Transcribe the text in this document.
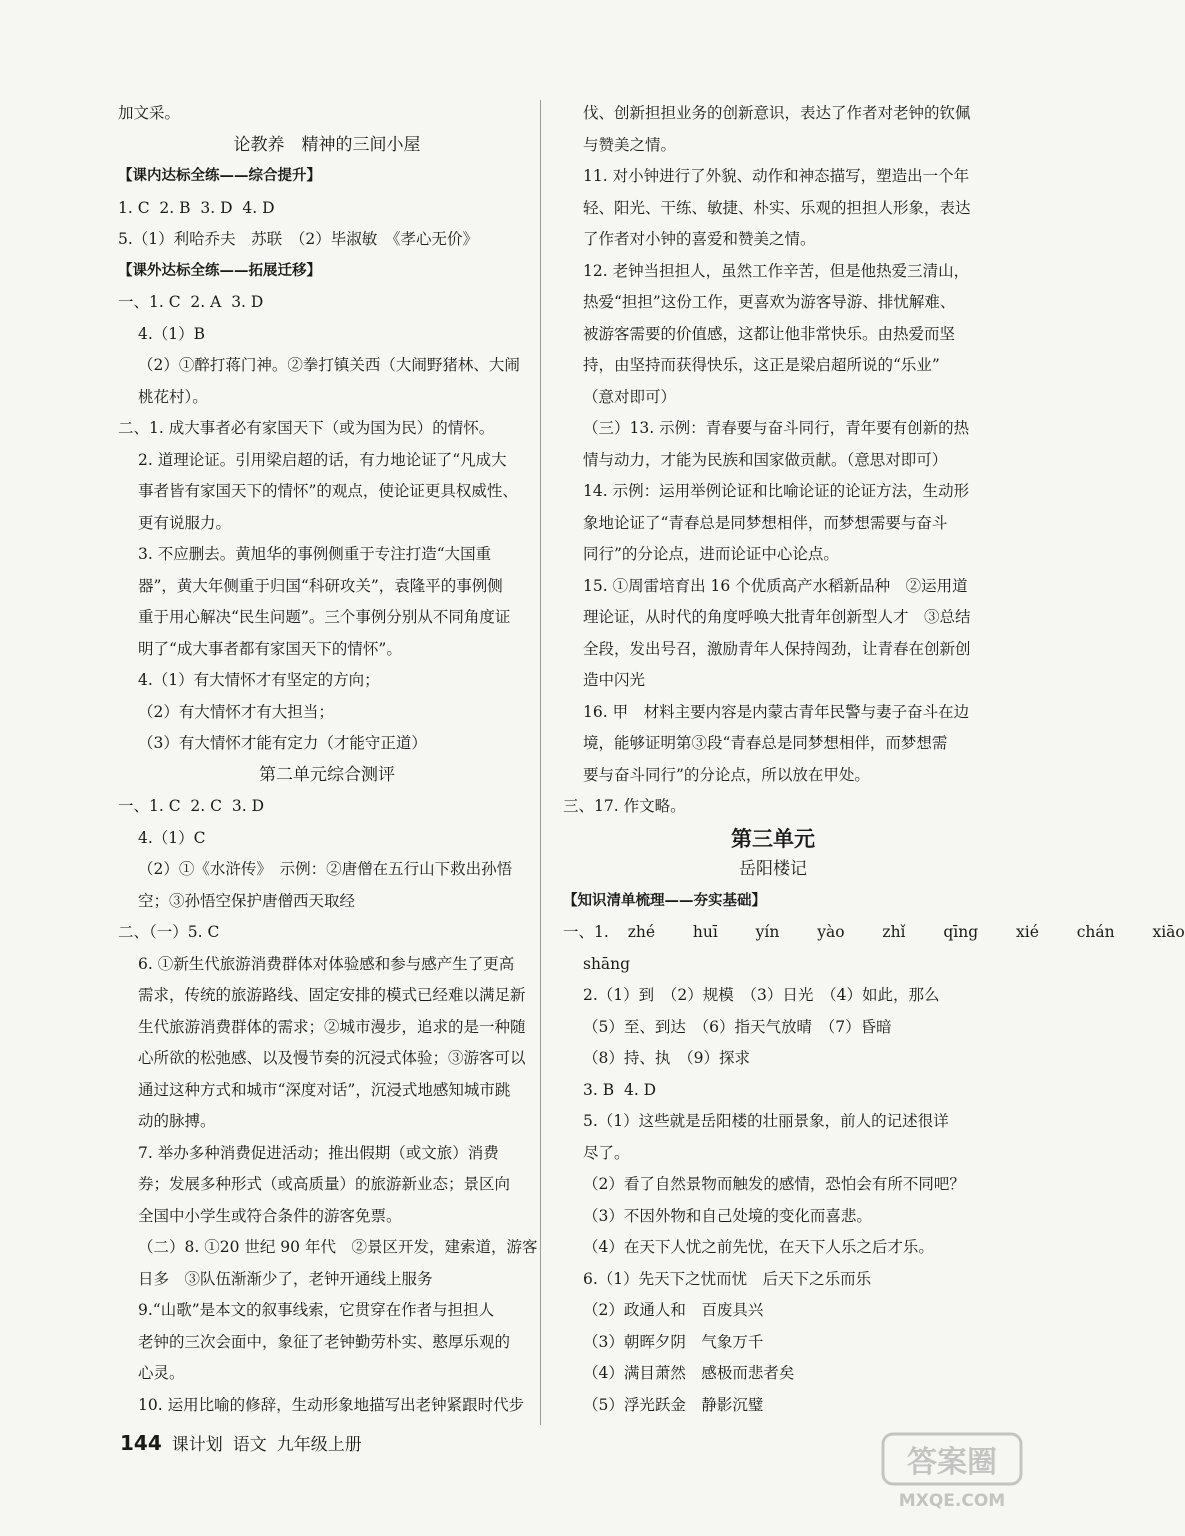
加文采。
论教养　精神的三间小屋
【课内达标全练——综合提升】
1. C  2. B  3. D  4. D
5.（1）利哈乔夫　苏联　（2）毕淑敏　《孝心无价》
【课外达标全练——拓展迁移】
一、1. C  2. A  3. D
4.（1）B
（2）①醉打蒋门神。②拳打镇关西（大闹野猪林、大闹
桃花村）。
二、1. 成大事者必有家国天下（或为国为民）的情怀。
2. 道理论证。引用梁启超的话，有力地论证了“凡成大
事者皆有家国天下的情怀”的观点，使论证更具权威性、
更有说服力。
3. 不应删去。黄旭华的事例侧重于专注打造“大国重
器”，黄大年侧重于归国“科研攻关”，袁隆平的事例侧
重于用心解决“民生问题”。三个事例分别从不同角度证
明了“成大事者都有家国天下的情怀”。
4.（1）有大情怀才有坚定的方向；
（2）有大情怀才有大担当；
（3）有大情怀才能有定力（才能守正道）
第二单元综合测评
一、1. C  2. C  3. D
4.（1）C
（2）①《水浒传》　示例：②唐僧在五行山下救出孙悟
空；③孙悟空保护唐僧西天取经
二、（一）5. C
6. ①新生代旅游消费群体对体验感和参与感产生了更高
需求，传统的旅游路线、固定安排的模式已经难以满足新
生代旅游消费群体的需求；②城市漫步，追求的是一种随
心所欲的松弛感、以及慢节奏的沉浸式体验；③游客可以
通过这种方式和城市“深度对话”，沉浸式地感知城市跳
动的脉搏。
7. 举办多种消费促进活动；推出假期（或文旅）消费
券；发展多种形式（或高质量）的旅游新业态；景区向
全国中小学生或符合条件的游客免票。
（二）8. ①20 世纪 90 年代　②景区开发，建索道，游客
日多　③队伍渐渐少了，老钟开通线上服务
9.“山歌”是本文的叙事线索，它贯穿在作者与担担人
老钟的三次会面中，象征了老钟勤劳朴实、憨厚乐观的
心灵。
10. 运用比喻的修辞，生动形象地描写出老钟紧跟时代步
伐、创新担担业务的创新意识，表达了作者对老钟的钦佩
与赞美之情。
11. 对小钟进行了外貌、动作和神态描写，塑造出一个年
轻、阳光、干练、敏捷、朴实、乐观的担担人形象，表达
了作者对小钟的喜爱和赞美之情。
12. 老钟当担担人，虽然工作辛苦，但是他热爱三清山，
热爱“担担”这份工作，更喜欢为游客导游、排忧解难、
被游客需要的价值感，这都让他非常快乐。由热爱而坚
持，由坚持而获得快乐，这正是梁启超所说的“乐业”
（意对即可）
（三）13. 示例：青春要与奋斗同行，青年要有创新的热
情与动力，才能为民族和国家做贡献。（意思对即可）
14. 示例：运用举例论证和比喻论证的论证方法，生动形
象地论证了“青春总是同梦想相伴，而梦想需要与奋斗
同行”的分论点，进而论证中心论点。
15. ①周雷培育出 16 个优质高产水稻新品种　②运用道
理论证，从时代的角度呼唤大批青年创新型人才　③总结
全段，发出号召，激励青年人保持闯劲，让青春在创新创
造中闪光
16. 甲　材料主要内容是内蒙古青年民警与妻子奋斗在边
境，能够证明第③段“青春总是同梦想相伴，而梦想需
要与奋斗同行”的分论点，所以放在甲处。
三、17. 作文略。
第三单元
岳阳楼记
【知识清单梳理——夯实基础】
一、1. zhé  huī  yín  yào  zhǐ  qīng  xié  chán  xiāo
shāng
2.（1）到　（2）规模　（3）日光　（4）如此，那么
（5）至、到达　（6）指天气放晴　（7）昏暗
（8）持、执　（9）探求
3. B  4. D
5.（1）这些就是岳阳楼的壮丽景象，前人的记述很详
尽了。
（2）看了自然景物而触发的感情，恐怕会有所不同吧？
（3）不因外物和自己处境的变化而喜悲。
（4）在天下人忧之前先忧，在天下人乐之后才乐。
6.（1）先天下之忧而忧　后天下之乐而乐
（2）政通人和　百废具兴
（3）朝晖夕阴　气象万千
（4）满目萧然　感极而悲者矣
（5）浮光跃金　静影沉璧
144 课计划 语文 九年级上册	答案圈
MXQE.COM
